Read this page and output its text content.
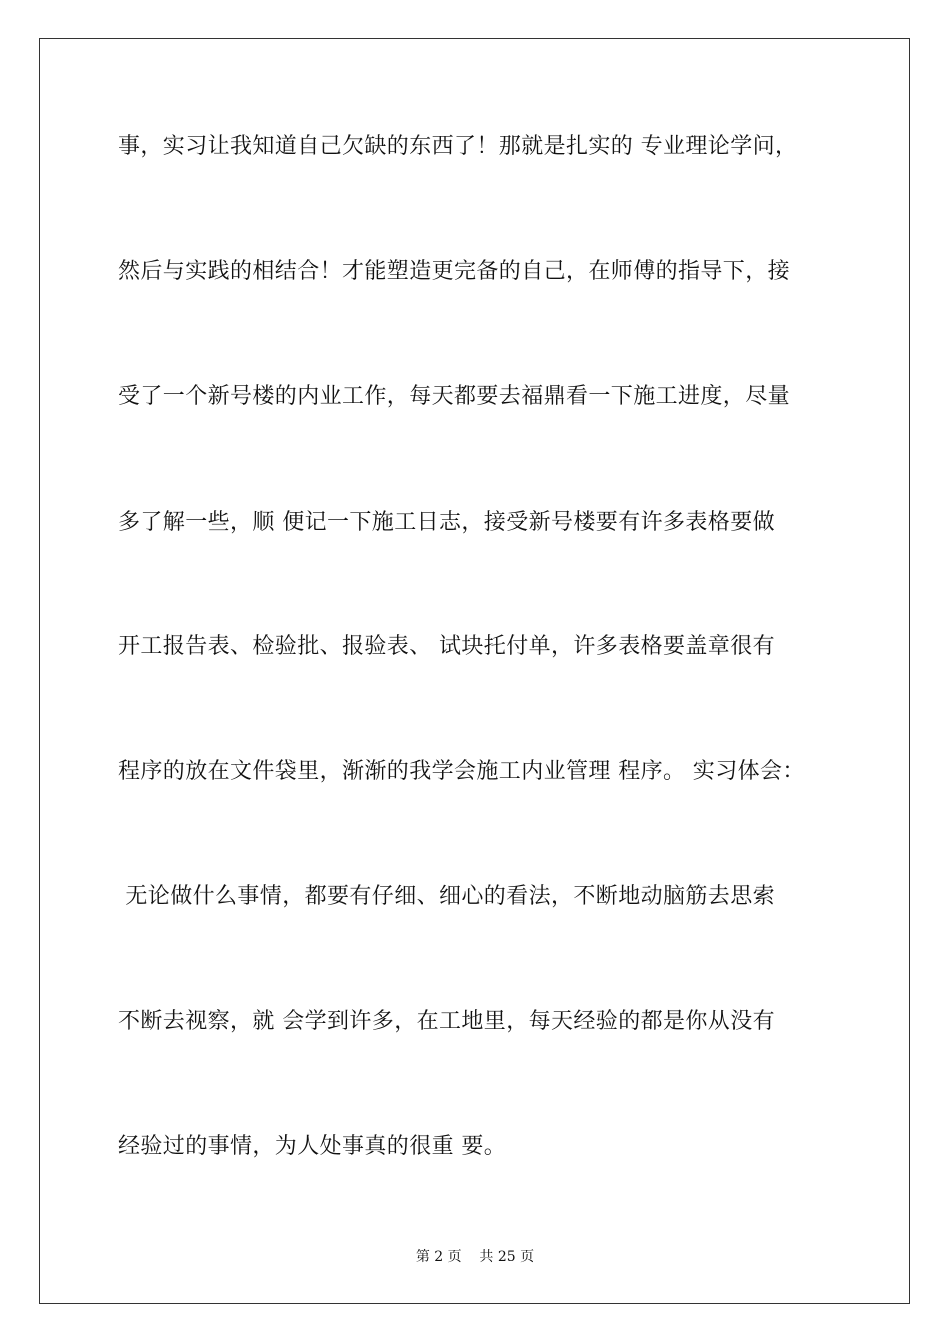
事，实习让我知道自己欠缺的东西了！那就是扎实的 专业理论学问，
然后与实践的相结合！才能塑造更完备的自己，在师傅的指导下，接
受了一个新号楼的内业工作，每天都要去福鼎看一下施工进度，尽量
多了解一些，顺 便记一下施工日志，接受新号楼要有许多表格要做
开工报告表、检验批、报验表、 试块托付单，许多表格要盖章很有
程序的放在文件袋里，渐渐的我学会施工内业管理 程序。 实习体会：
无论做什么事情，都要有仔细、细心的看法，不断地动脑筋去思索
不断去视察，就 会学到许多，在工地里，每天经验的都是你从没有
经验过的事情，为人处事真的很重 要。
第 2 页    共 25 页
